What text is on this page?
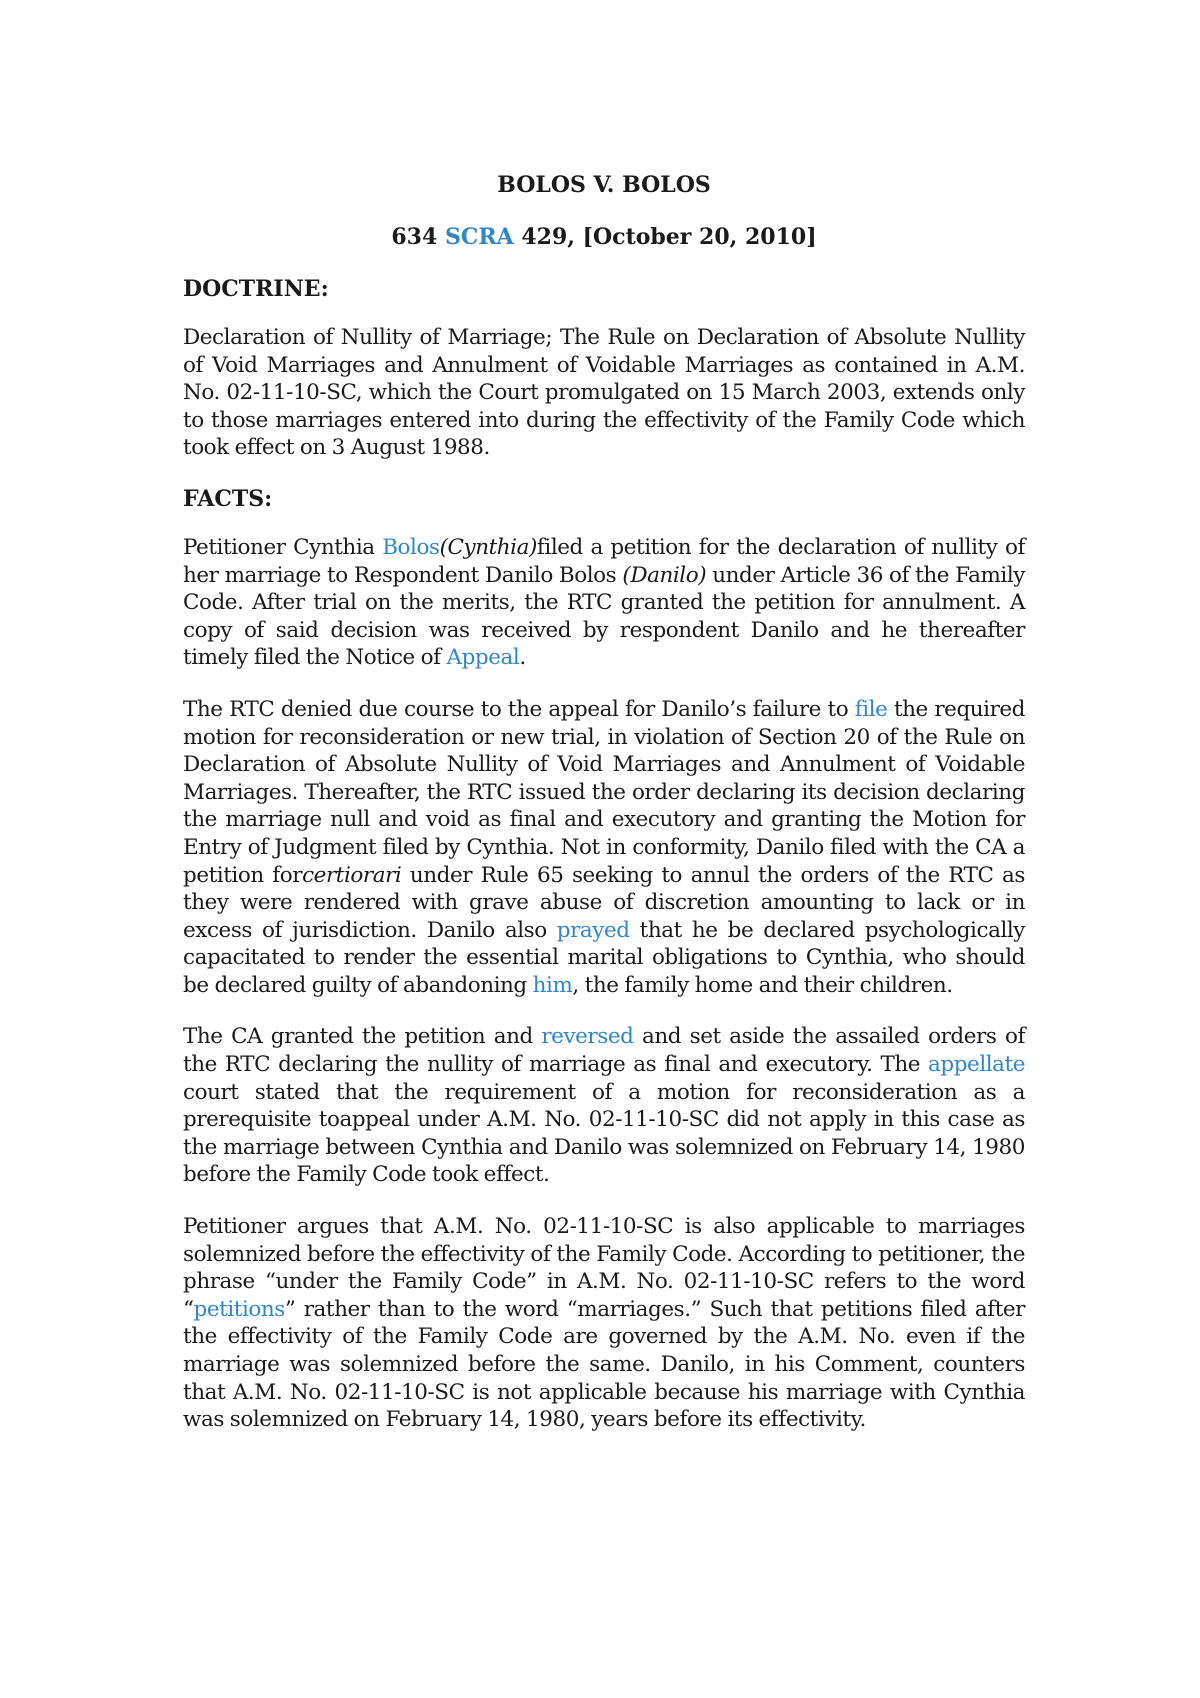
BOLOS V. BOLOS

634 SCRA 429, [October 20, 2010]

DOCTRINE:

Declaration of Nullity of Marriage; The Rule on Declaration of Absolute Nullity of Void Marriages and Annulment of Voidable Marriages as contained in A.M. No. 02-11-10-SC, which the Court promulgated on 15 March 2003, extends only to those marriages entered into during the effectivity of the Family Code which took effect on 3 August 1988.

FACTS:

Petitioner Cynthia Bolos(Cynthia)filed a petition for the declaration of nullity of her marriage to Respondent Danilo Bolos (Danilo) under Article 36 of the Family Code. After trial on the merits, the RTC granted the petition for annulment. A copy of said decision was received by respondent Danilo and he thereafter timely filed the Notice of Appeal.

The RTC denied due course to the appeal for Danilo’s failure to file the required motion for reconsideration or new trial, in violation of Section 20 of the Rule on Declaration of Absolute Nullity of Void Marriages and Annulment of Voidable Marriages. Thereafter, the RTC issued the order declaring its decision declaring the marriage null and void as final and executory and granting the Motion for Entry of Judgment filed by Cynthia. Not in conformity, Danilo filed with the CA a petition forcertiorari under Rule 65 seeking to annul the orders of the RTC as they were rendered with grave abuse of discretion amounting to lack or in excess of jurisdiction. Danilo also prayed that he be declared psychologically capacitated to render the essential marital obligations to Cynthia, who should be declared guilty of abandoning him, the family home and their children.

The CA granted the petition and reversed and set aside the assailed orders of the RTC declaring the nullity of marriage as final and executory. The appellate court stated that the requirement of a motion for reconsideration as a prerequisite toappeal under A.M. No. 02-11-10-SC did not apply in this case as the marriage between Cynthia and Danilo was solemnized on February 14, 1980 before the Family Code took effect.

Petitioner argues that A.M. No. 02-11-10-SC is also applicable to marriages solemnized before the effectivity of the Family Code. According to petitioner, the phrase “under the Family Code” in A.M. No. 02-11-10-SC refers to the word “petitions” rather than to the word “marriages.” Such that petitions filed after the effectivity of the Family Code are governed by the A.M. No. even if the marriage was solemnized before the same. Danilo, in his Comment, counters that A.M. No. 02-11-10-SC is not applicable because his marriage with Cynthia was solemnized on February 14, 1980, years before its effectivity.
